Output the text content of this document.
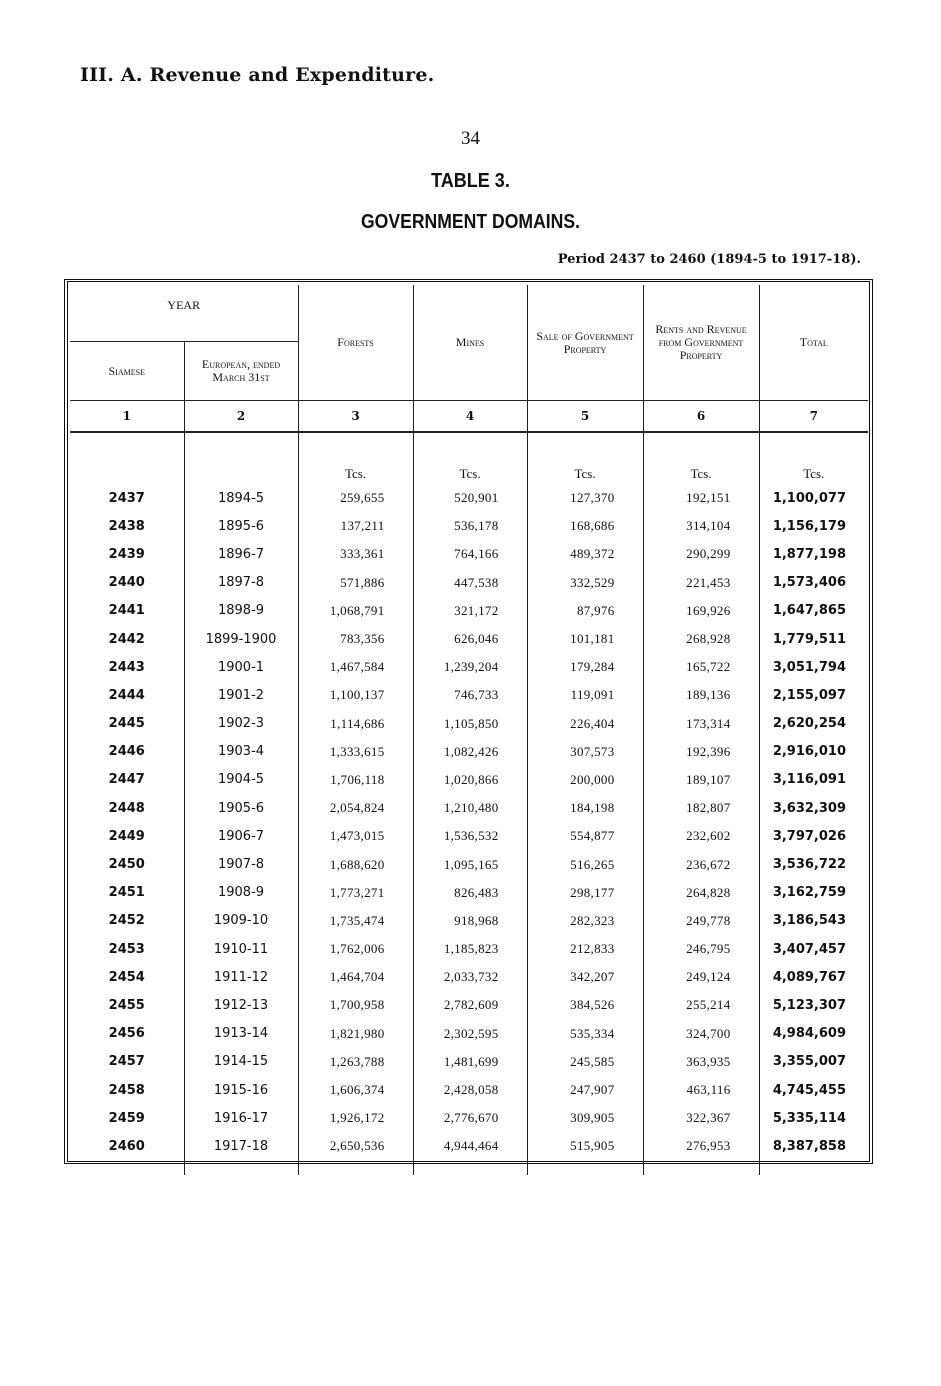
III. A. Revenue and Expenditure.
34
TABLE 3.
GOVERNMENT DOMAINS.
Period 2437 to 2460 (1894-5 to 1917-18).
YEAR		Forests	Mines	Sale of Government Property	Rents and Revenue from Government Property	Total
Siamese	European, ended March 31st					
1	2	3	4	5	6	7
		Tcs.	Tcs.	Tcs.	Tcs.	Tcs.
2437	1894-5	259,655	520,901	127,370	192,151	1,100,077
2438	1895-6	137,211	536,178	168,686	314,104	1,156,179
2439	1896-7	333,361	764,166	489,372	290,299	1,877,198
2440	1897-8	571,886	447,538	332,529	221,453	1,573,406
2441	1898-9	1,068,791	321,172	87,976	169,926	1,647,865
2442	1899-1900	783,356	626,046	101,181	268,928	1,779,511
2443	1900-1	1,467,584	1,239,204	179,284	165,722	3,051,794
2444	1901-2	1,100,137	746,733	119,091	189,136	2,155,097
2445	1902-3	1,114,686	1,105,850	226,404	173,314	2,620,254
2446	1903-4	1,333,615	1,082,426	307,573	192,396	2,916,010
2447	1904-5	1,706,118	1,020,866	200,000	189,107	3,116,091
2448	1905-6	2,054,824	1,210,480	184,198	182,807	3,632,309
2449	1906-7	1,473,015	1,536,532	554,877	232,602	3,797,026
2450	1907-8	1,688,620	1,095,165	516,265	236,672	3,536,722
2451	1908-9	1,773,271	826,483	298,177	264,828	3,162,759
2452	1909-10	1,735,474	918,968	282,323	249,778	3,186,543
2453	1910-11	1,762,006	1,185,823	212,833	246,795	3,407,457
2454	1911-12	1,464,704	2,033,732	342,207	249,124	4,089,767
2455	1912-13	1,700,958	2,782,609	384,526	255,214	5,123,307
2456	1913-14	1,821,980	2,302,595	535,334	324,700	4,984,609
2457	1914-15	1,263,788	1,481,699	245,585	363,935	3,355,007
2458	1915-16	1,606,374	2,428,058	247,907	463,116	4,745,455
2459	1916-17	1,926,172	2,776,670	309,905	322,367	5,335,114
2460	1917-18	2,650,536	4,944,464	515,905	276,953	8,387,858
